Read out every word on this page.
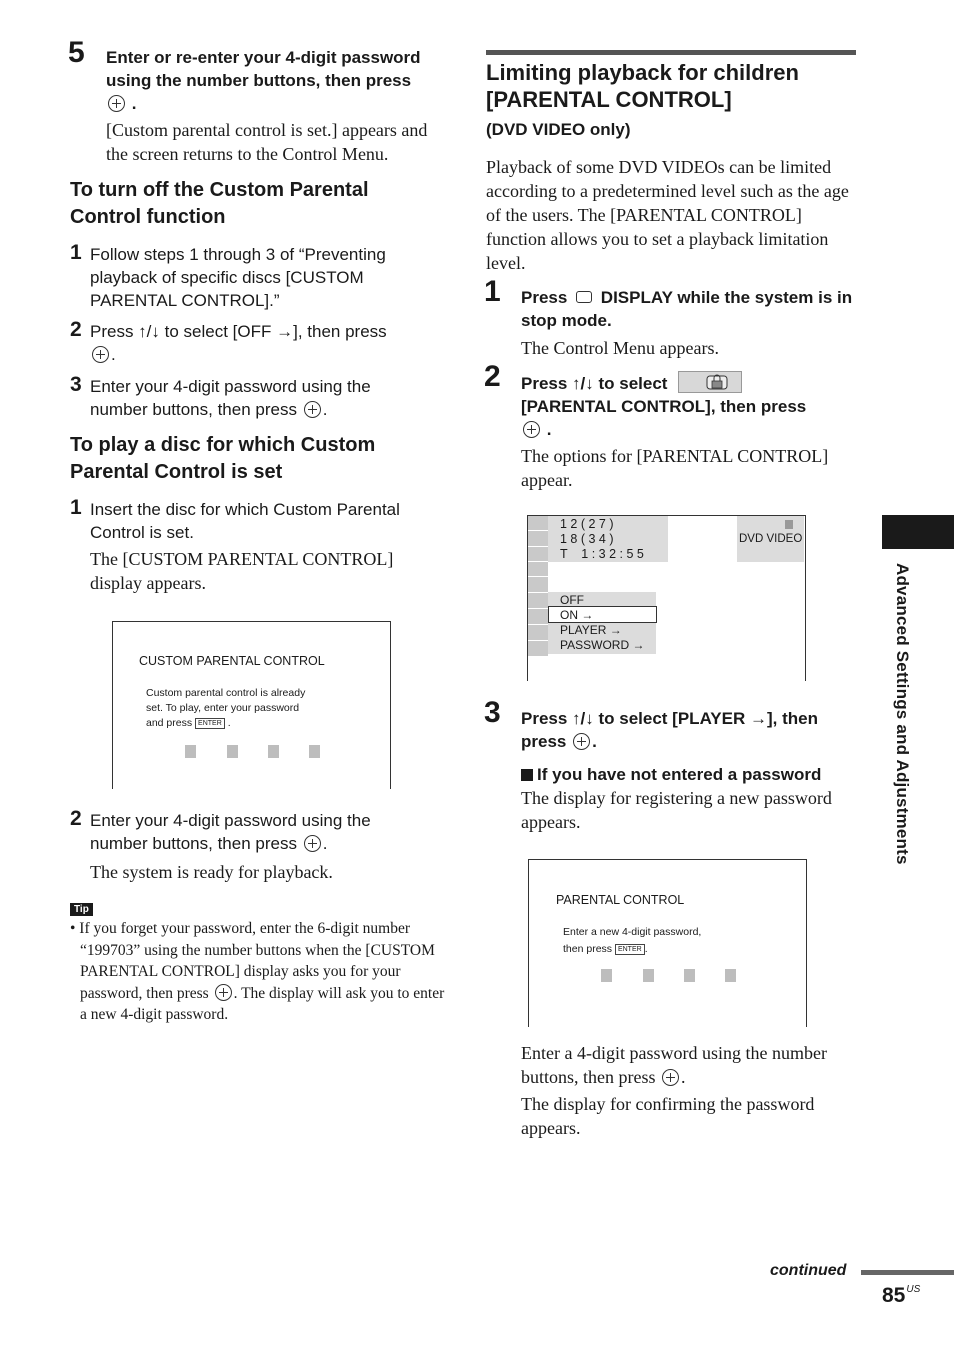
5 Enter or re-enter your 4-digit password using the number buttons, then press
.
[Custom parental control is set.] appears and the screen returns to the Control Menu.
To turn off the Custom Parental Control function
1 Follow steps 1 through 3 of “Preventing playback of specific discs [CUSTOM PARENTAL CONTROL].”
2 Press ↑/↓ to select [OFF →], then press
.
3 Enter your 4-digit password using the number buttons, then press .
To play a disc for which Custom Parental Control is set
1 Insert the disc for which Custom Parental Control is set.
The [CUSTOM PARENTAL CONTROL] display appears.
CUSTOM PARENTAL CONTROL
Custom parental control is already
set. To play, enter your password
and press ENTER .
2 Enter your 4-digit password using the number buttons, then press .
The system is ready for playback.
Tip
• If you forget your password, enter the 6-digit number “199703” using the number buttons when the [CUSTOM PARENTAL CONTROL] display asks you for your password, then press . The display will ask you to enter a new 4-digit password.
Limiting playback for children [PARENTAL CONTROL]
(DVD VIDEO only)
Playback of some DVD VIDEOs can be limited according to a predetermined level such as the age of the users. The [PARENTAL CONTROL] function allows you to set a playback limitation level.
1 Press DISPLAY while the system is in stop mode.
The Control Menu appears.
2 Press ↑/↓ to select

[PARENTAL CONTROL], then press
.
The options for [PARENTAL CONTROL] appear.
1 2 ( 2 7 )
1 8 ( 3 4 )
T    1 : 3 2 : 5 5
DVD VIDEO
OFF
ON →
PLAYER →
PASSWORD →
3 Press ↑/↓ to select [PLAYER →], then press .
If you have not entered a password
The display for registering a new password appears.
PARENTAL CONTROL
Enter a new 4-digit password,
then press ENTER .
Enter a 4-digit password using the number buttons, then press .
The display for confirming the password appears.
Advanced Settings and Adjustments
continued
$85^{US}$
